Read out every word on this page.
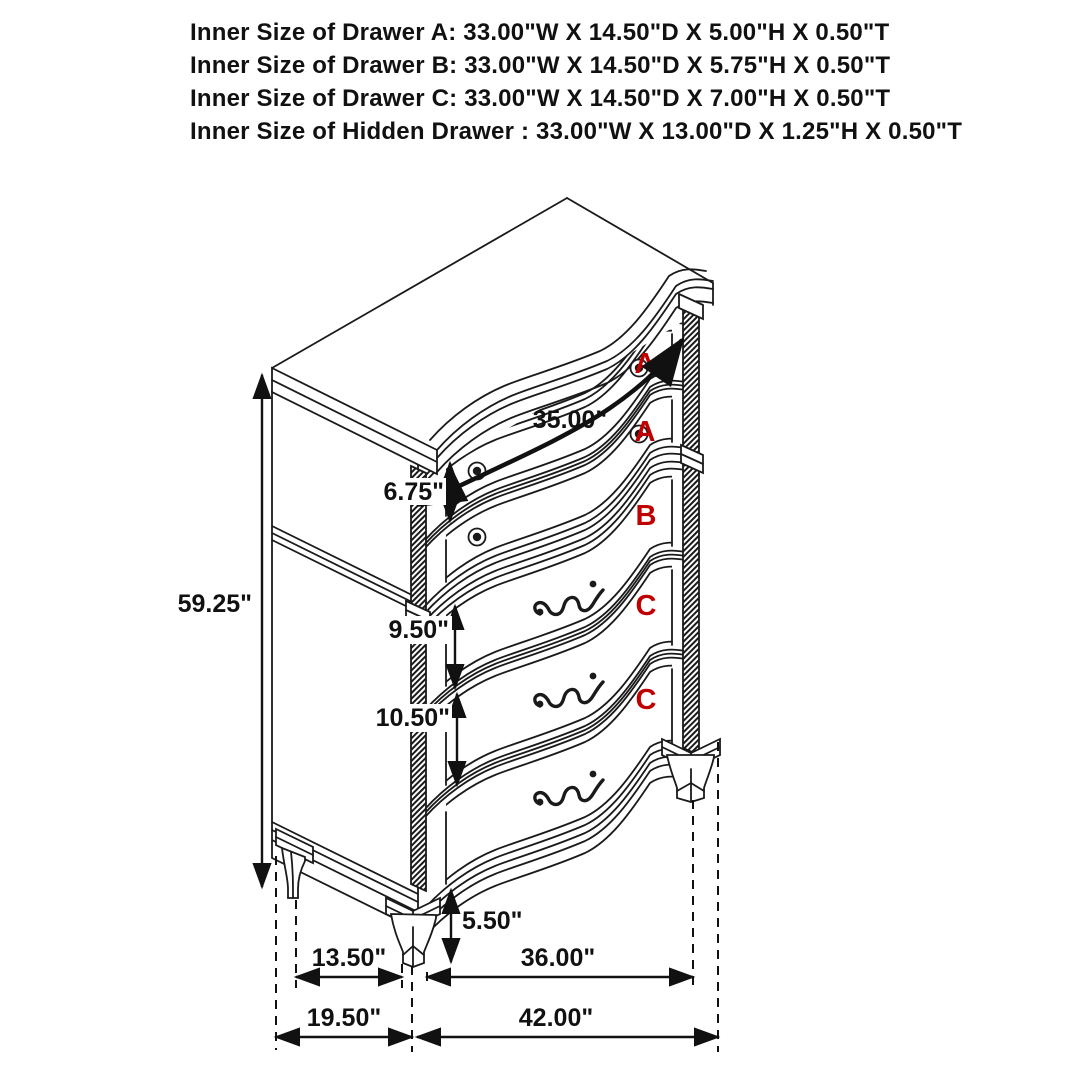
Inner Size of Drawer A: 33.00"W X 14.50"D X 5.00"H X 0.50"T
Inner Size of Drawer B: 33.00"W X 14.50"D X 5.75"H X 0.50"T
Inner Size of Drawer C: 33.00"W X 14.50"D X 7.00"H X 0.50"T
Inner Size of Hidden Drawer : 33.00"W X 13.00"D X 1.25"H X 0.50"T
A
A
B
C
C
35.00"
6.75"
59.25"
9.50"
10.50"
5.50"
13.50"	36.00"
19.50"	42.00"
